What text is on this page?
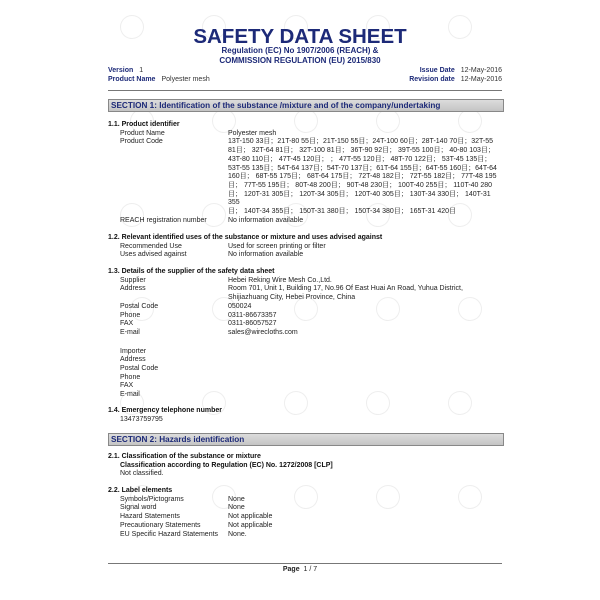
SAFETY DATA SHEET
Regulation (EC) No 1907/2006 (REACH) &
COMMISSION REGULATION (EU) 2015/830
Version 1
Product Name Polyester mesh
Issue Date 12-May-2016
Revision date 12-May-2016
SECTION 1: Identification of the substance /mixture and of the company/undertaking
1.1. Product identifier
Product Name	Polyester mesh
Product Code	13T-150 33目；21T-80 55目；21T-150 55目；24T-100 60目；28T-140 70目；32T-55
81目； 32T-64 81目； 32T-100 81目； 36T-90 92目； 39T-55 100目； 40-80 103目；
43T-80 110目； 47T-45 120目； ； 47T-55 120目； 48T-70 122目； 53T-45 135目；
53T-55 135目；54T-64 137目；54T-70 137目；61T-64 155目；64T-55 160目；64T-64
160目； 68T-55 175目； 68T-64 175目； 72T-48 182目； 72T-55 182目； 77T-48 195
目； 77T-55 195目； 80T-48 200目； 90T-48 230目； 100T-40 255目； 110T-40 280
目； 120T-31 305目； 120T-34 305目； 120T-40 305目； 130T-34 330目； 140T-31 355
目； 140T-34 355目； 150T-31 380目； 150T-34 380目； 165T-31 420目
REACH registration number	No information available
1.2. Relevant identified uses of the substance or mixture and uses advised against
Recommended Use	Used for screen printing or filter
Uses advised against	No information available
1.3. Details of the supplier of the safety data sheet
Supplier	Hebei Reking Wire Mesh Co.,Ltd.
Address	Room 701, Unit 1, Building 17, No.96 Of East Huai An Road, Yuhua District,
Shijiazhuang City, Hebei Province, China
Postal Code	050024
Phone	0311-86673357
FAX	0311-86057527
E-mail	sales@wirecloths.com
Importer
Address
Postal Code
Phone
FAX
E-mail
1.4. Emergency telephone number
13473759795
SECTION 2: Hazards identification
2.1. Classification of the substance or mixture
Classification according to Regulation (EC) No. 1272/2008 [CLP]
Not classified.
2.2. Label elements
Symbols/Pictograms	None
Signal word	None
Hazard Statements	Not applicable
Precautionary Statements	Not applicable
EU Specific Hazard Statements	None.
Page 1 / 7
